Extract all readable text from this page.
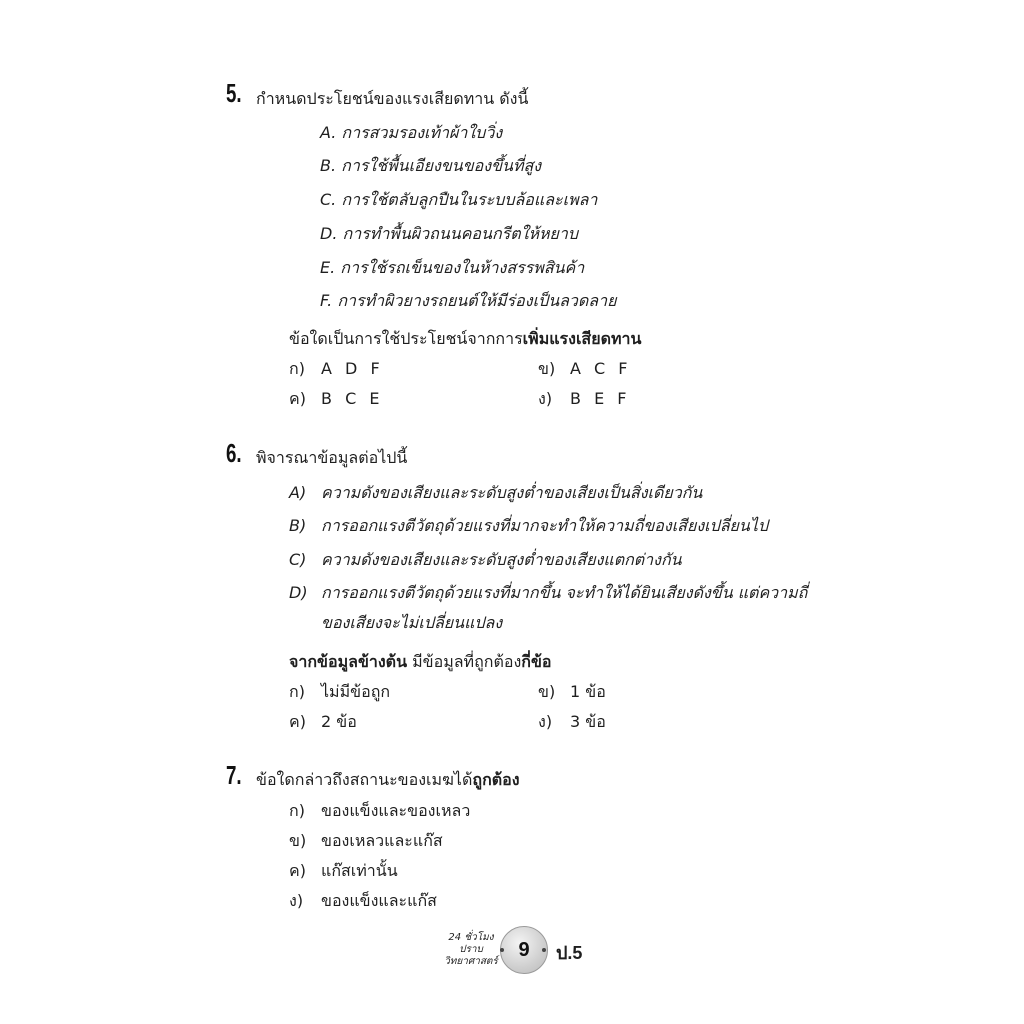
5. กำหนดประโยชน์ของแรงเสียดทาน ดังนี้
A. การสวมรองเท้าผ้าใบวิ่ง
B. การใช้พื้นเอียงขนของขึ้นที่สูง
C. การใช้ตลับลูกปืนในระบบล้อและเพลา
D. การทำพื้นผิวถนนคอนกรีตให้หยาบ
E. การใช้รถเข็นของในห้างสรรพสินค้า
F. การทำผิวยางรถยนต์ให้มีร่องเป็นลวดลาย
ข้อใดเป็นการใช้ประโยชน์จากการเพิ่มแรงเสียดทาน
ก) A D F	ข) A C F
ค) B C E	ง) B E F
6. พิจารณาข้อมูลต่อไปนี้
A) ความดังของเสียงและระดับสูงต่ำของเสียงเป็นสิ่งเดียวกัน
B) การออกแรงตีวัตถุด้วยแรงที่มากจะทำให้ความถี่ของเสียงเปลี่ยนไป
C) ความดังของเสียงและระดับสูงต่ำของเสียงแตกต่างกัน
D) การออกแรงตีวัตถุด้วยแรงที่มากขึ้น จะทำให้ได้ยินเสียงดังขึ้น แต่ความถี่
ของเสียงจะไม่เปลี่ยนแปลง
จากข้อมูลข้างต้น มีข้อมูลที่ถูกต้องกี่ข้อ
ก) ไม่มีข้อถูก	ข) 1 ข้อ
ค) 2 ข้อ	ง) 3 ข้อ
7. ข้อใดกล่าวถึงสถานะของเมฆได้ถูกต้อง
ก) ของแข็งและของเหลว
ข) ของเหลวและแก๊ส
ค) แก๊สเท่านั้น
ง) ของแข็งและแก๊ส
24 ชั่วโมง
ปราบ
วิทยาศาสตร์
9 ป.5
